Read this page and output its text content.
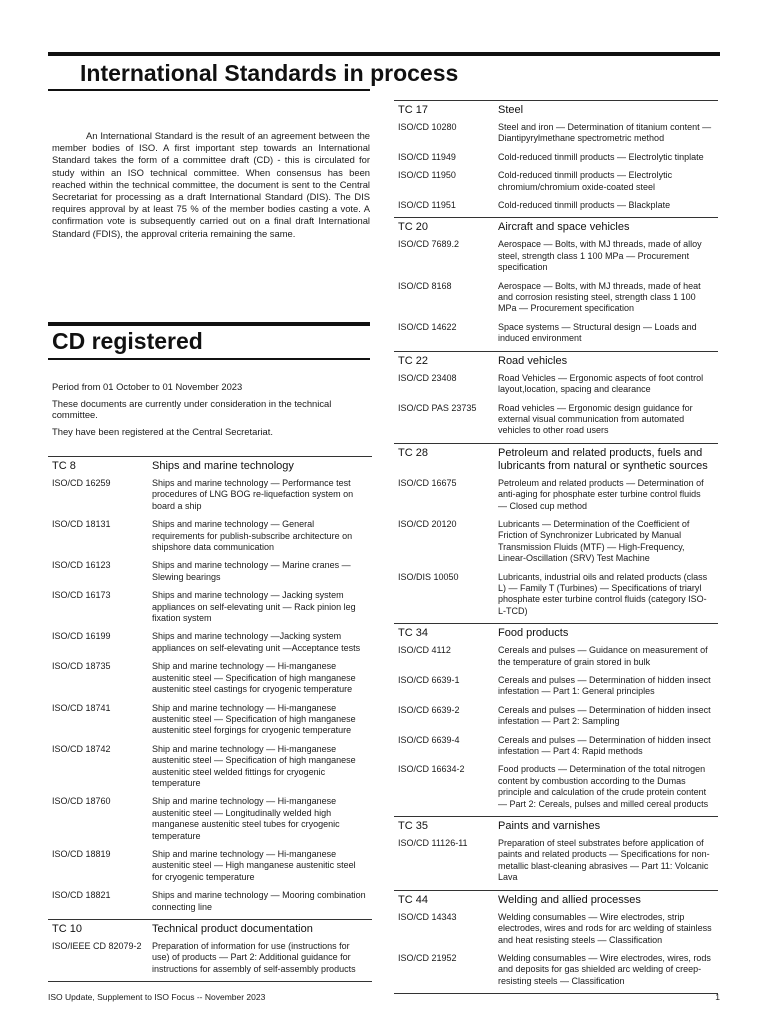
International Standards in process

An International Standard is the result of an agreement between the member bodies of ISO. A first important step towards an International Standard takes the form of a committee draft (CD) - this is circulated for study within an ISO technical committee. When consensus has been reached within the technical committee, the document is sent to the Central Secretariat for processing as a draft International Standard (DIS). The DIS requires approval by at least 75 % of the member bodies casting a vote. A confirmation vote is subsequently carried out on a final draft International Standard (FDIS), the approval criteria remaining the same.

CD registered

Period from 01 October to 01 November 2023

These documents are currently under consideration in the technical committee.

They have been registered at the Central Secretariat.

TC 8	Ships and marine technology
ISO/CD 16259	Ships and marine technology — Performance test procedures of LNG BOG re-liquefaction system on board a ship
ISO/CD 18131	Ships and marine technology — General requirements for publish-subscribe architecture on shipshore data communication
ISO/CD 16123	Ships and marine technology — Marine cranes — Slewing bearings
ISO/CD 16173	Ships and marine technology — Jacking system appliances on self-elevating unit — Rack pinion leg fixation system
ISO/CD 16199	Ships and marine technology —Jacking system appliances on self-elevating unit —Acceptance tests
ISO/CD 18735	Ship and marine technology — Hi-manganese austenitic steel — Specification of high manganese austenitic steel castings for cryogenic temperature
ISO/CD 18741	Ship and marine technology — Hi-manganese austenitic steel — Specification of high manganese austenitic steel forgings for cryogenic temperature
ISO/CD 18742	Ship and marine technology — Hi-manganese austenitic steel — Specification of high manganese austenitic steel welded fittings for cryogenic temperature
ISO/CD 18760	Ship and marine technology — Hi-manganese austenitic steel — Longitudinally welded high manganese austenitic steel tubes for cryogenic temperature
ISO/CD 18819	Ship and marine technology — Hi-manganese austenitic steel — High manganese austenitic steel for cryogenic temperature
ISO/CD 18821	Ships and marine technology — Mooring combination connecting line
TC 10	Technical product documentation
ISO/IEEE CD 82079-2	Preparation of information for use (instructions for use) of products — Part 2: Additional guidance for instructions for assembly of self-assembly products
TC 17	Steel
ISO/CD 10280	Steel and iron — Determination of titanium content — Diantipyrylmethane spectrometric method
ISO/CD 11949	Cold-reduced tinmill products — Electrolytic tinplate
ISO/CD 11950	Cold-reduced tinmill products — Electrolytic chromium/chromium oxide-coated steel
ISO/CD 11951	Cold-reduced tinmill products — Blackplate
TC 20	Aircraft and space vehicles
ISO/CD 7689.2	Aerospace — Bolts, with MJ threads, made of alloy steel, strength class 1 100 MPa — Procurement specification
ISO/CD 8168	Aerospace — Bolts, with MJ threads, made of heat and corrosion resisting steel, strength class 1 100 MPa — Procurement specification
ISO/CD 14622	Space systems — Structural design — Loads and induced environment
TC 22	Road vehicles
ISO/CD 23408	Road Vehicles — Ergonomic aspects of foot control layout,location, spacing and clearance
ISO/CD PAS 23735	Road vehicles — Ergonomic design guidance for external visual communication from automated vehicles to other road users
TC 28	Petroleum and related products, fuels and lubricants from natural or synthetic sources
ISO/CD 16675	Petroleum and related products — Determination of anti-aging for phosphate ester turbine control fluids — Closed cup method
ISO/CD 20120	Lubricants — Determination of the Coefficient of Friction of Synchronizer Lubricated by Manual Transmission Fluids (MTF) — High-Frequency, Linear-Oscillation (SRV) Test Machine
ISO/DIS 10050	Lubricants, industrial oils and related products (class L) — Family T (Turbines) — Specifications of triaryl phosphate ester turbine control fluids (category ISO-L-TCD)
TC 34	Food products
ISO/CD 4112	Cereals and pulses — Guidance on measurement of the temperature of grain stored in bulk
ISO/CD 6639-1	Cereals and pulses — Determination of hidden insect infestation — Part 1: General principles
ISO/CD 6639-2	Cereals and pulses — Determination of hidden insect infestation — Part 2: Sampling
ISO/CD 6639-4	Cereals and pulses — Determination of hidden insect infestation — Part 4: Rapid methods
ISO/CD 16634-2	Food products — Determination of the total nitrogen content by combustion according to the Dumas principle and calculation of the crude protein content — Part 2: Cereals, pulses and milled cereal products
TC 35	Paints and varnishes
ISO/CD 11126-11	Preparation of steel substrates before application of paints and related products — Specifications for non-metallic blast-cleaning abrasives — Part 11: Volcanic Lava
TC 44	Welding and allied processes
ISO/CD 14343	Welding consumables — Wire electrodes, strip electrodes, wires and rods for arc welding of stainless and heat resisting steels — Classification
ISO/CD 21952	Welding consumables — Wire electrodes, wires, rods and deposits for gas shielded arc welding of creep-resisting steels — Classification
ISO Update, Supplement to ISO Focus -- November 2023	1
